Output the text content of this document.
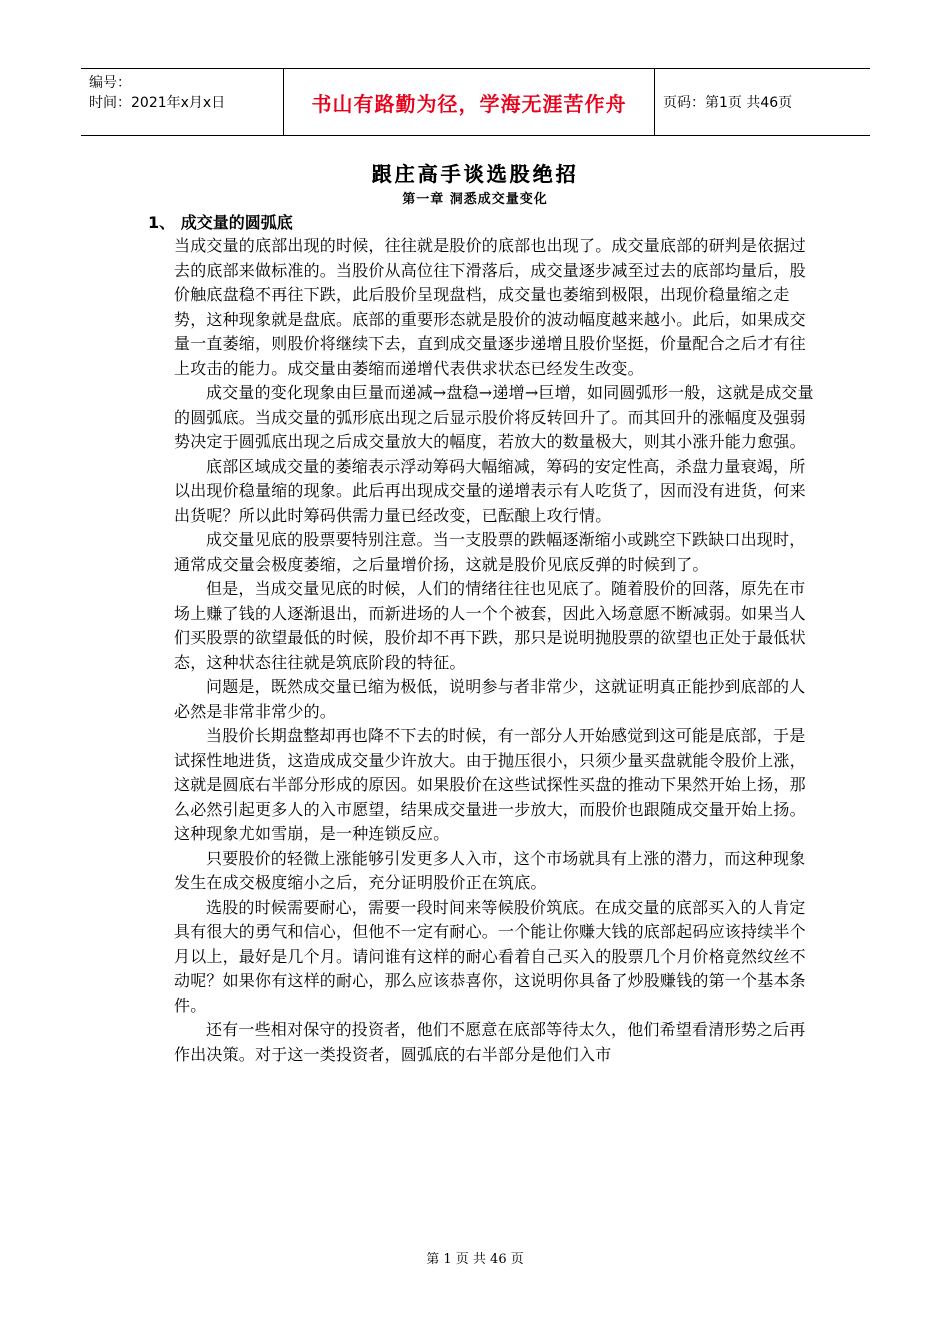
编号：
时间：2021年x月x日	书山有路勤为径，学海无涯苦作舟	页码：第1页 共46页
跟庄高手谈选股绝招
第一章 洞悉成交量变化
1、 成交量的圆弧底

当成交量的底部出现的时候，往往就是股价的底部也出现了。成交量底部的研判是依据过去的底部来做标准的。当股价从高位往下滑落后，成交量逐步减至过去的底部均量后，股价触底盘稳不再往下跌，此后股价呈现盘档，成交量也萎缩到极限，出现价稳量缩之走势，这种现象就是盘底。底部的重要形态就是股价的波动幅度越来越小。此后，如果成交量一直萎缩，则股价将继续下去，直到成交量逐步递增且股价坚挺，价量配合之后才有往上攻击的能力。成交量由萎缩而递增代表供求状态已经发生改变。

成交量的变化现象由巨量而递减→盘稳→递增→巨增，如同圆弧形一般，这就是成交量的圆弧底。当成交量的弧形底出现之后显示股价将反转回升了。而其回升的涨幅度及强弱势决定于圆弧底出现之后成交量放大的幅度，若放大的数量极大，则其小涨升能力愈强。

底部区域成交量的萎缩表示浮动筹码大幅缩减，筹码的安定性高，杀盘力量衰竭，所以出现价稳量缩的现象。此后再出现成交量的递增表示有人吃货了，因而没有进货，何来出货呢？所以此时筹码供需力量已经改变，已酝酿上攻行情。

成交量见底的股票要特别注意。当一支股票的跌幅逐渐缩小或跳空下跌缺口出现时，通常成交量会极度萎缩，之后量增价扬，这就是股价见底反弹的时候到了。

但是，当成交量见底的时候，人们的情绪往往也见底了。随着股价的回落，原先在市场上赚了钱的人逐渐退出，而新进场的人一个个被套，因此入场意愿不断减弱。如果当人们买股票的欲望最低的时候，股价却不再下跌，那只是说明抛股票的欲望也正处于最低状态，这种状态往往就是筑底阶段的特征。

问题是，既然成交量已缩为极低，说明参与者非常少，这就证明真正能抄到底部的人必然是非常非常少的。

当股价长期盘整却再也降不下去的时候，有一部分人开始感觉到这可能是底部，于是试探性地进货，这造成成交量少许放大。由于抛压很小，只须少量买盘就能令股价上涨，这就是圆底右半部分形成的原因。如果股价在这些试探性买盘的推动下果然开始上扬，那么必然引起更多人的入市愿望，结果成交量进一步放大，而股价也跟随成交量开始上扬。这种现象尤如雪崩，是一种连锁反应。

只要股价的轻微上涨能够引发更多人入市，这个市场就具有上涨的潜力，而这种现象发生在成交极度缩小之后，充分证明股价正在筑底。

选股的时候需要耐心，需要一段时间来等候股价筑底。在成交量的底部买入的人肯定具有很大的勇气和信心，但他不一定有耐心。一个能让你赚大钱的底部起码应该持续半个月以上，最好是几个月。请问谁有这样的耐心看着自己买入的股票几个月价格竟然纹丝不动呢？如果你有这样的耐心，那么应该恭喜你，这说明你具备了炒股赚钱的第一个基本条件。

还有一些相对保守的投资者，他们不愿意在底部等待太久，他们希望看清形势之后再作出决策。对于这一类投资者，圆弧底的右半部分是他们入市

第 1 页 共 46 页
